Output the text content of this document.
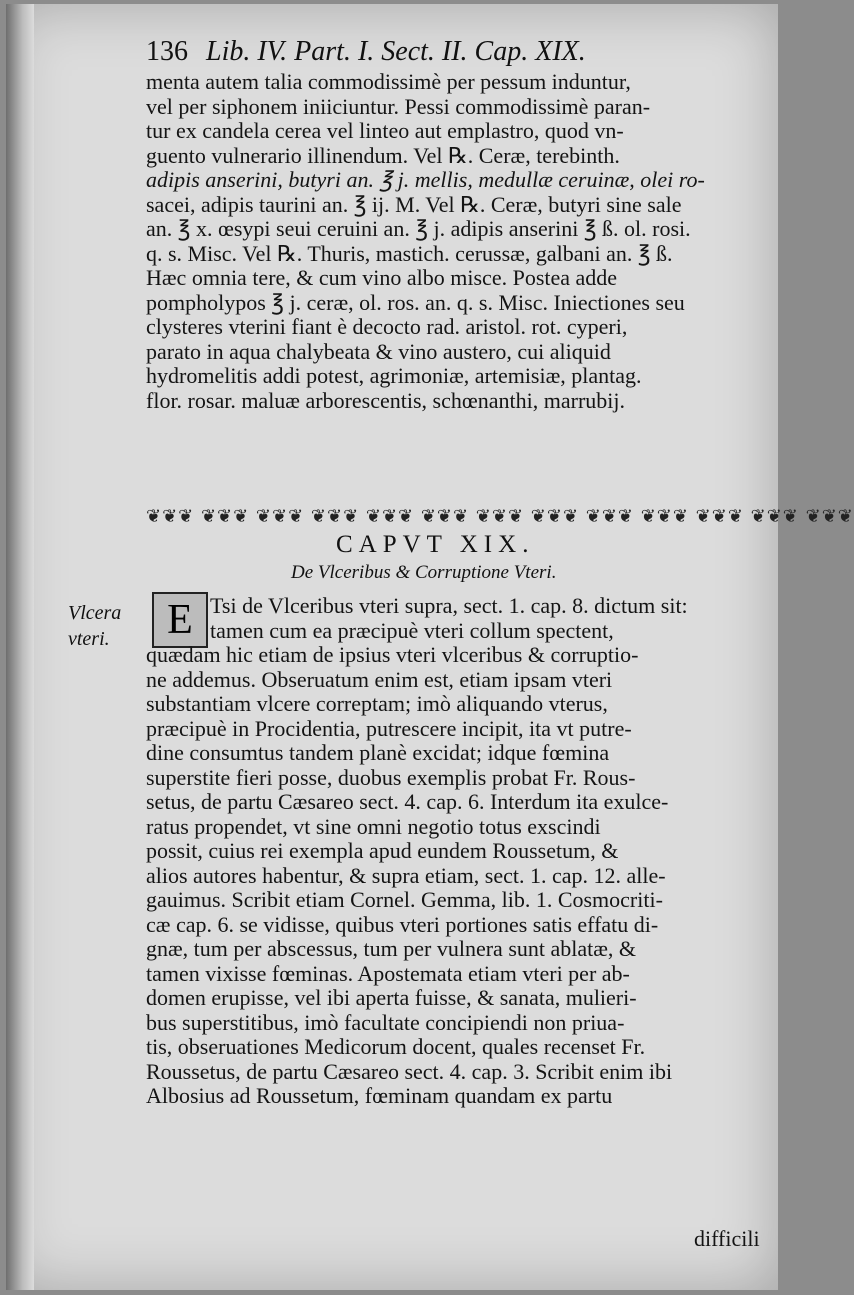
136 Lib. IV. Part. I. Sect. II. Cap. XIX.
menta autem talia commodissimè per pessum induntur,
vel per siphonem iniiciuntur. Pessi commodissimè paran-
tur ex candela cerea vel linteo aut emplastro, quod vn-
guento vulnerario illinendum. Vel ℞. Ceræ, terebinth.
adipis anserini, butyri an. ℥ j. mellis, medullæ ceruinæ, olei ro-
sacei, adipis taurini an. ℥ ij. M. Vel ℞. Ceræ, butyri sine sale
an. ℥ x. œsypi seui ceruini an. ℥ j. adipis anserini ℥ ß. ol. rosi.
q. s. Misc. Vel ℞. Thuris, mastich. cerussæ, galbani an. ℥ ß.
Hæc omnia tere, & cum vino albo misce. Postea adde
pompholypos ℥ j. ceræ, ol. ros. an. q. s. Misc. Iniectiones seu
clysteres vterini fiant è decocto rad. aristol. rot. cyperi,
parato in aqua chalybeata & vino austero, cui aliquid
hydromelitis addi potest, agrimoniæ, artemisiæ, plantag.
flor. rosar. maluæ arborescentis, schœnanthi, marrubij.
❦❦❦ ❦❦❦ ❦❦❦ ❦❦❦ ❦❦❦ ❦❦❦ ❦❦❦ ❦❦❦ ❦❦❦ ❦❦❦ ❦❦❦ ❦❦❦ ❦❦❦
CAPVT XIX.
De Vlceribus & Corruptione Vteri.
Vlcera
vteri.	E Tsi de Vlceribus vteri supra, sect. 1. cap. 8. dictum sit:
tamen cum ea præcipuè vteri collum spectent,
quædam hic etiam de ipsius vteri vlceribus & corruptio-
ne addemus. Obseruatum enim est, etiam ipsam vteri
substantiam vlcere correptam; imò aliquando vterus,
præcipuè in Procidentia, putrescere incipit, ita vt putre-
dine consumtus tandem planè excidat; idque fœmina
superstite fieri posse, duobus exemplis probat Fr. Rous-
setus, de partu Cæsareo sect. 4. cap. 6. Interdum ita exulce-
ratus propendet, vt sine omni negotio totus exscindi
possit, cuius rei exempla apud eundem Roussetum, &
alios autores habentur, & supra etiam, sect. 1. cap. 12. alle-
gauimus. Scribit etiam Cornel. Gemma, lib. 1. Cosmocriti-
cæ cap. 6. se vidisse, quibus vteri portiones satis effatu di-
gnæ, tum per abscessus, tum per vulnera sunt ablatæ, &
tamen vixisse fœminas. Apostemata etiam vteri per ab-
domen erupisse, vel ibi aperta fuisse, & sanata, mulieri-
bus superstitibus, imò facultate concipiendi non priua-
tis, obseruationes Medicorum docent, quales recenset Fr.
Roussetus, de partu Cæsareo sect. 4. cap. 3. Scribit enim ibi
Albosius ad Roussetum, fœminam quandam ex partu
difficili
